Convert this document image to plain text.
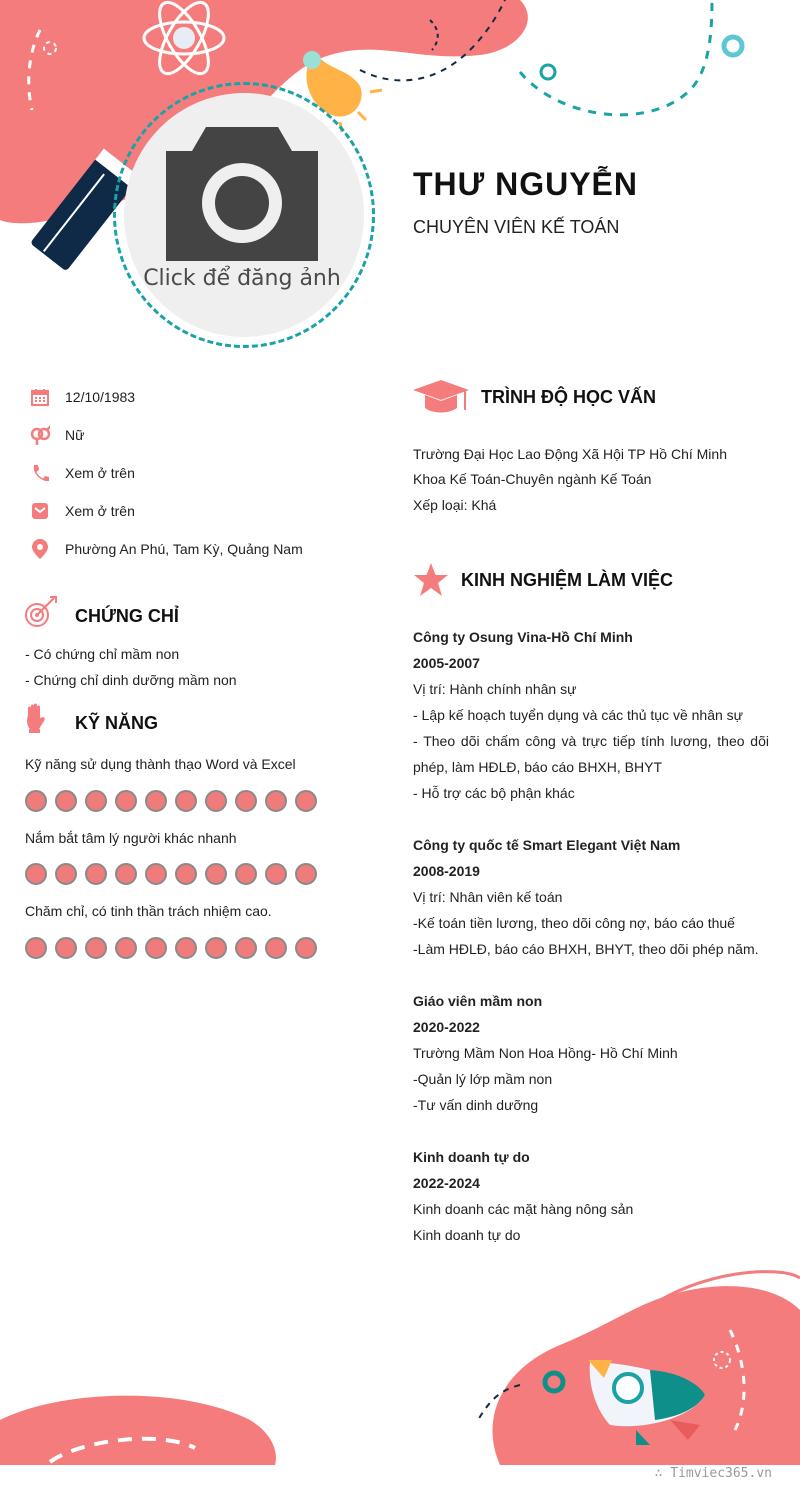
Click để đăng ảnh
THƯ NGUYỄN
CHUYÊN VIÊN KẾ TOÁN
12/10/1983
Nữ
Xem ở trên
Xem ở trên
Phường An Phú, Tam Kỳ, Quảng Nam
CHỨNG CHỈ
- Có chứng chỉ mầm non
- Chứng chỉ dinh dưỡng mầm non
KỸ NĂNG
Kỹ năng sử dụng thành thạo Word và Excel
Nắm bắt tâm lý người khác nhanh
Chăm chỉ, có tinh thần trách nhiệm cao.
TRÌNH ĐỘ HỌC VẤN
Trường Đại Học Lao Động Xã Hội TP Hồ Chí Minh
Khoa Kế Toán-Chuyên ngành Kế Toán
Xếp loại: Khá
KINH NGHIỆM LÀM VIỆC
Công ty Osung Vina-Hồ Chí Minh
2005-2007
Vị trí: Hành chính nhân sự
- Lập kế hoạch tuyển dụng và các thủ tục về nhân sự
- Theo dõi chấm công và trực tiếp tính lương, theo dõi phép, làm HĐLĐ, báo cáo BHXH, BHYT
- Hỗ trợ các bộ phận khác
Công ty quốc tế Smart Elegant Việt Nam
2008-2019
Vị trí: Nhân viên kế toán
-Kế toán tiền lương, theo dõi công nợ, báo cáo thuế
-Làm HĐLĐ, báo cáo BHXH, BHYT, theo dõi phép năm.
Giáo viên mầm non
2020-2022
Trường Mầm Non Hoa Hồng- Hồ Chí Minh
-Quản lý lớp mầm non
-Tư vấn dinh dưỡng
Kinh doanh tự do
2022-2024
Kinh doanh các mặt hàng nông sản
Kinh doanh tự do
∴ Timviec365.vn
